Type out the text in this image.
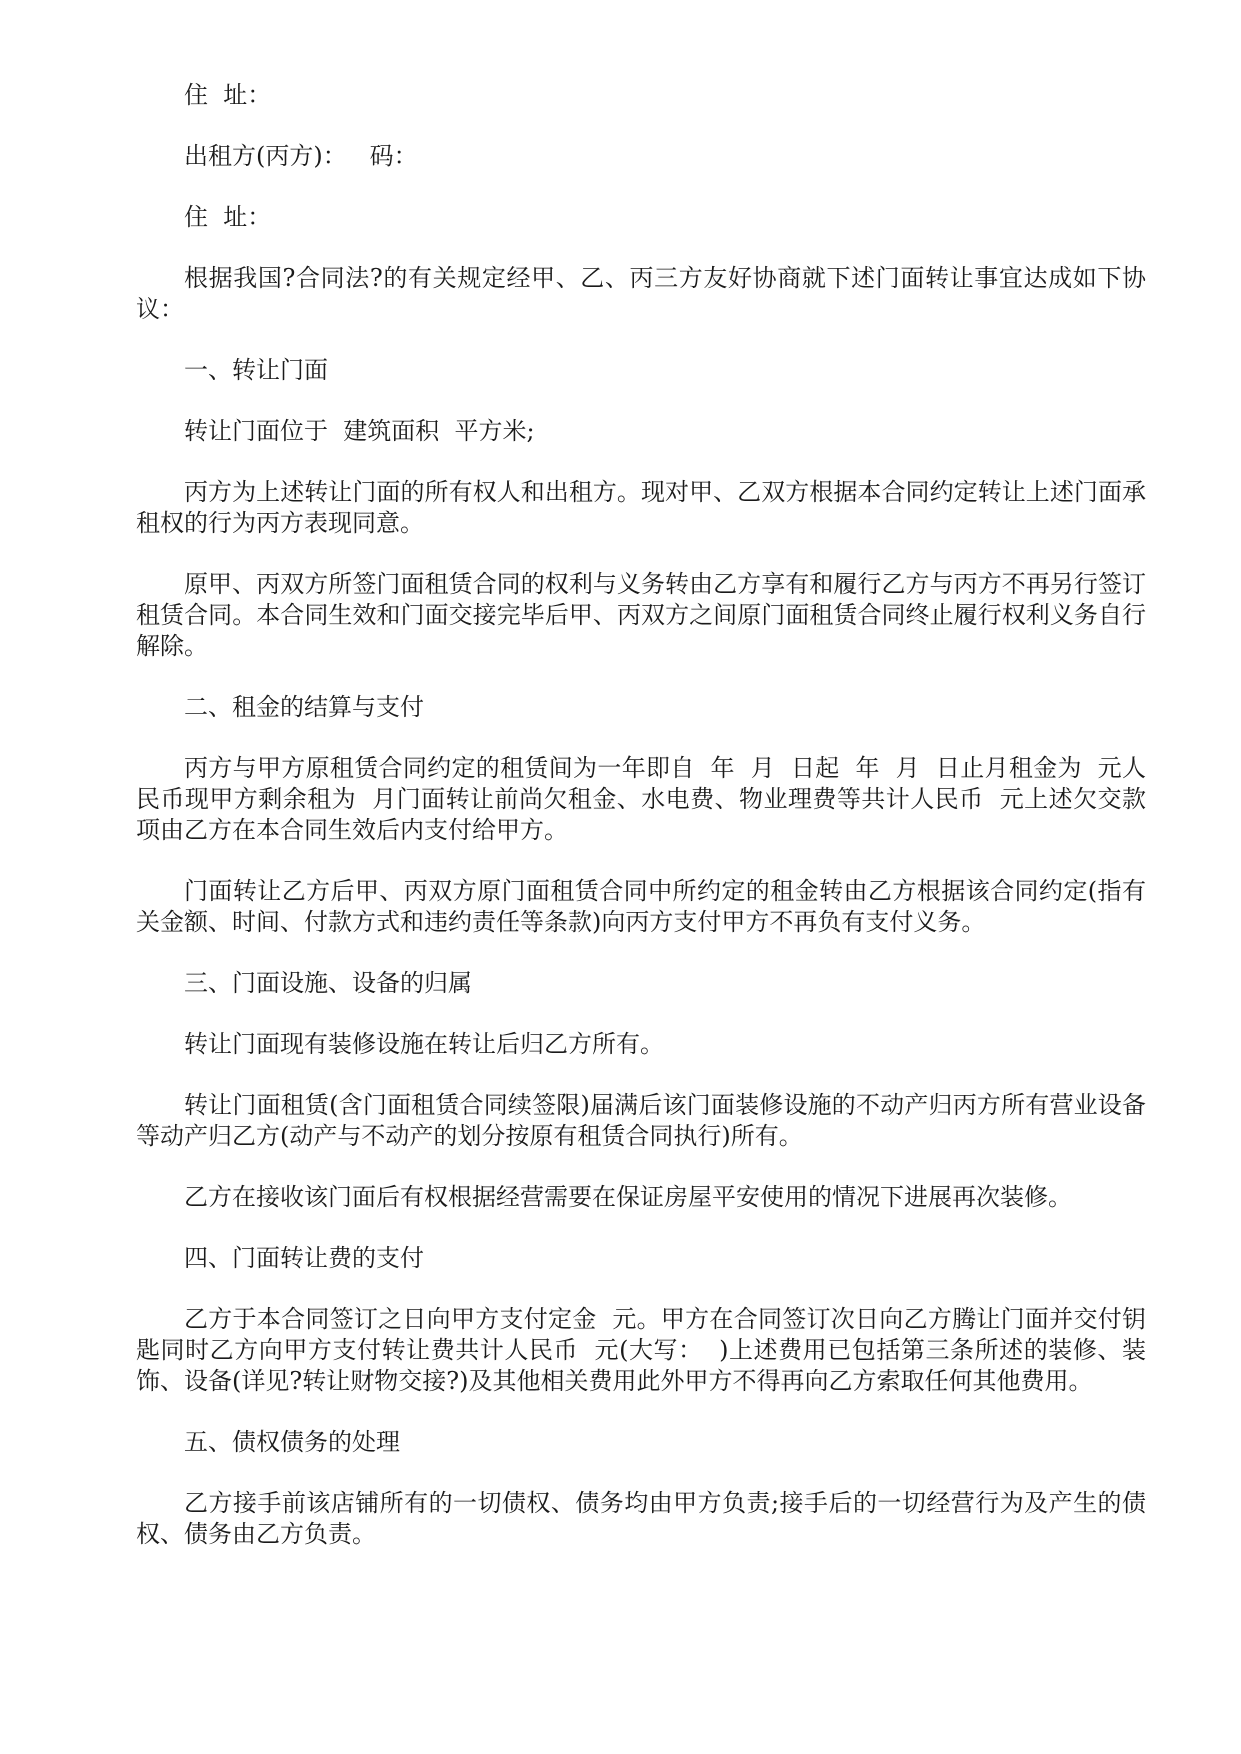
住  址：

出租方(丙方)：   码：

住  址：

根据我国?合同法?的有关规定经甲、乙、丙三方友好协商就下述门面转让事宜达成如下协议：

一、转让门面

转让门面位于  建筑面积  平方米;

丙方为上述转让门面的所有权人和出租方。现对甲、乙双方根据本合同约定转让上述门面承租权的行为丙方表现同意。

原甲、丙双方所签门面租赁合同的权利与义务转由乙方享有和履行乙方与丙方不再另行签订租赁合同。本合同生效和门面交接完毕后甲、丙双方之间原门面租赁合同终止履行权利义务自行解除。

二、租金的结算与支付

丙方与甲方原租赁合同约定的租赁间为一年即自  年  月  日起  年  月  日止月租金为  元人民币现甲方剩余租为  月门面转让前尚欠租金、水电费、物业理费等共计人民币  元上述欠交款项由乙方在本合同生效后内支付给甲方。

门面转让乙方后甲、丙双方原门面租赁合同中所约定的租金转由乙方根据该合同约定(指有关金额、时间、付款方式和违约责任等条款)向丙方支付甲方不再负有支付义务。

三、门面设施、设备的归属

转让门面现有装修设施在转让后归乙方所有。

转让门面租赁(含门面租赁合同续签限)届满后该门面装修设施的不动产归丙方所有营业设备等动产归乙方(动产与不动产的划分按原有租赁合同执行)所有。

乙方在接收该门面后有权根据经营需要在保证房屋平安使用的情况下进展再次装修。

四、门面转让费的支付

乙方于本合同签订之日向甲方支付定金  元。甲方在合同签订次日向乙方腾让门面并交付钥匙同时乙方向甲方支付转让费共计人民币  元(大写：  )上述费用已包括第三条所述的装修、装饰、设备(详见?转让财物交接?)及其他相关费用此外甲方不得再向乙方索取任何其他费用。

五、债权债务的处理

乙方接手前该店铺所有的一切债权、债务均由甲方负责;接手后的一切经营行为及产生的债权、债务由乙方负责。
